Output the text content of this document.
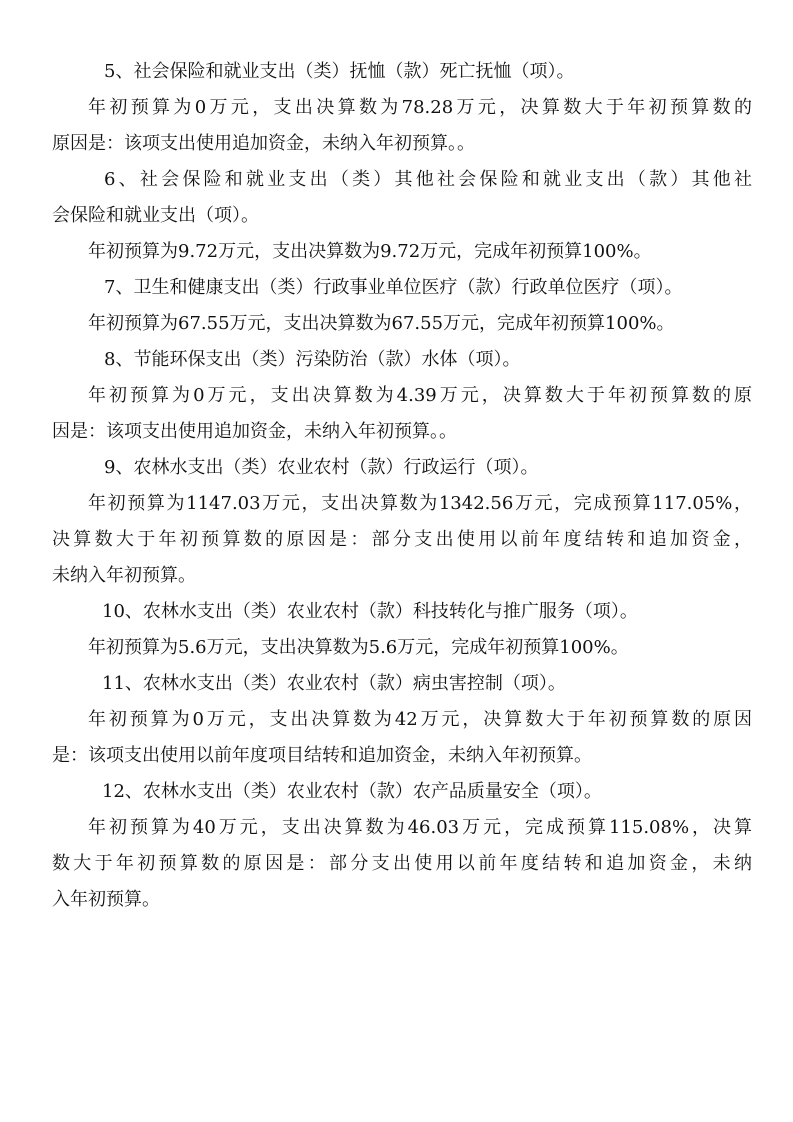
5、社会保险和就业支出（类）抚恤（款）死亡抚恤（项）。
年初预算为0万元，支出决算数为78.28万元，决算数大于年初预算数的
原因是：该项支出使用追加资金，未纳入年初预算。。
6、社会保险和就业支出（类）其他社会保险和就业支出（款）其他社
会保险和就业支出（项）。
年初预算为9.72万元，支出决算数为9.72万元，完成年初预算100%。
7、卫生和健康支出（类）行政事业单位医疗（款）行政单位医疗（项）。
年初预算为67.55万元，支出决算数为67.55万元，完成年初预算100%。
8、节能环保支出（类）污染防治（款）水体（项）。
年初预算为0万元，支出决算数为4.39万元，决算数大于年初预算数的原
因是：该项支出使用追加资金，未纳入年初预算。。
9、农林水支出（类）农业农村（款）行政运行（项）。
年初预算为1147.03万元，支出决算数为1342.56万元，完成预算117.05%，
决算数大于年初预算数的原因是：部分支出使用以前年度结转和追加资金，
未纳入年初预算。
10、农林水支出（类）农业农村（款）科技转化与推广服务（项）。
年初预算为5.6万元，支出决算数为5.6万元，完成年初预算100%。
11、农林水支出（类）农业农村（款）病虫害控制（项）。
年初预算为0万元，支出决算数为42万元，决算数大于年初预算数的原因
是：该项支出使用以前年度项目结转和追加资金，未纳入年初预算。
12、农林水支出（类）农业农村（款）农产品质量安全（项）。
年初预算为40万元，支出决算数为46.03万元，完成预算115.08%，决算
数大于年初预算数的原因是：部分支出使用以前年度结转和追加资金，未纳
入年初预算。
